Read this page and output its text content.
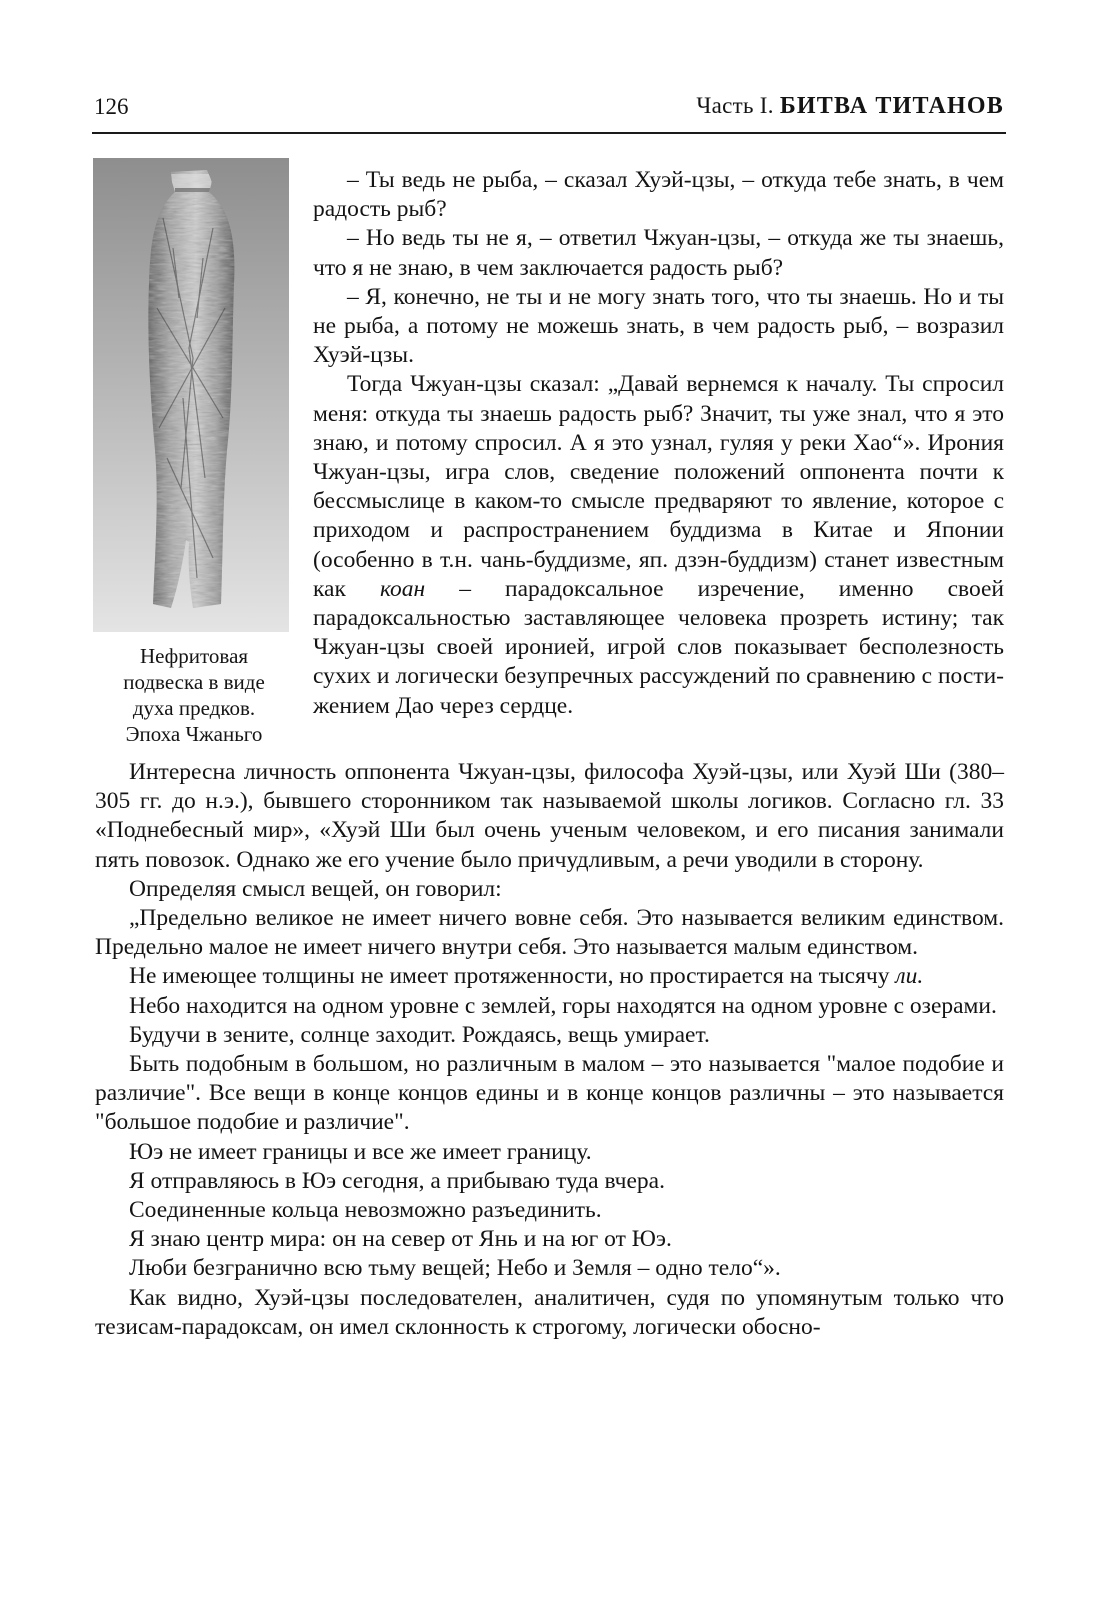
126	Часть I. БИТВА ТИТАНОВ
Нефритовая
подвеска в виде
духа предков.
Эпоха Чжаньго

– Ты ведь не рыба, – сказал Хуэй-цзы, – откуда тебе знать, в чем радость рыб?

– Но ведь ты не я, – ответил Чжуан-цзы, – откуда же ты знаешь, что я не знаю, в чем заключается радость рыб?

– Я, конечно, не ты и не могу знать того, что ты знаешь. Но и ты не рыба, а потому не можешь знать, в чем радость рыб, – возразил Хуэй-цзы.

Тогда Чжуан-цзы сказал: „Давай вернемся к началу. Ты спросил меня: откуда ты знаешь радость рыб? Значит, ты уже знал, что я это знаю, и потому спросил. А я это узнал, гуляя у реки Хао“». Ирония Чжуан-цзы, игра слов, сведение положений оппонента почти к бессмыслице в каком-то смысле предваряют то явление, которое с приходом и распространением буддизма в Китае и Японии (особенно в т.н. чань-буддизме, яп. дзэн-буддизм) станет известным как коан – парадоксальное изречение, именно своей парадоксальностью заставляющее человека прозреть истину; так Чжуан-цзы своей иронией, игрой слов показывает бесполезность сухих и логически безупречных рассуждений по сравнению с постижением Дао через сердце.

Интересна личность оппонента Чжуан-цзы, философа Хуэй-цзы, или Хуэй Ши (380–305 гг. до н.э.), бывшего сторонником так называемой школы логиков. Согласно гл. 33 «Поднебесный мир», «Хуэй Ши был очень ученым человеком, и его писания занимали пять повозок. Однако же его учение было причудливым, а речи уводили в сторону.

Определяя смысл вещей, он говорил:

„Предельно великое не имеет ничего вовне себя. Это называется великим единством. Предельно малое не имеет ничего внутри себя. Это называется малым единством.

Не имеющее толщины не имеет протяженности, но простирается на тысячу ли.

Небо находится на одном уровне с землей, горы находятся на одном уровне с озерами.

Будучи в зените, солнце заходит. Рождаясь, вещь умирает.

Быть подобным в большом, но различным в малом – это называется "малое подобие и различие". Все вещи в конце концов едины и в конце концов различны – это называется "большое подобие и различие".

Юэ не имеет границы и все же имеет границу.

Я отправляюсь в Юэ сегодня, а прибываю туда вчера.

Соединенные кольца невозможно разъединить.

Я знаю центр мира: он на север от Янь и на юг от Юэ.

Люби безгранично всю тьму вещей; Небо и Земля – одно тело“».

Как видно, Хуэй-цзы последователен, аналитичен, судя по упомянутым только что тезисам-парадоксам, он имел склонность к строгому, логически обосно-
